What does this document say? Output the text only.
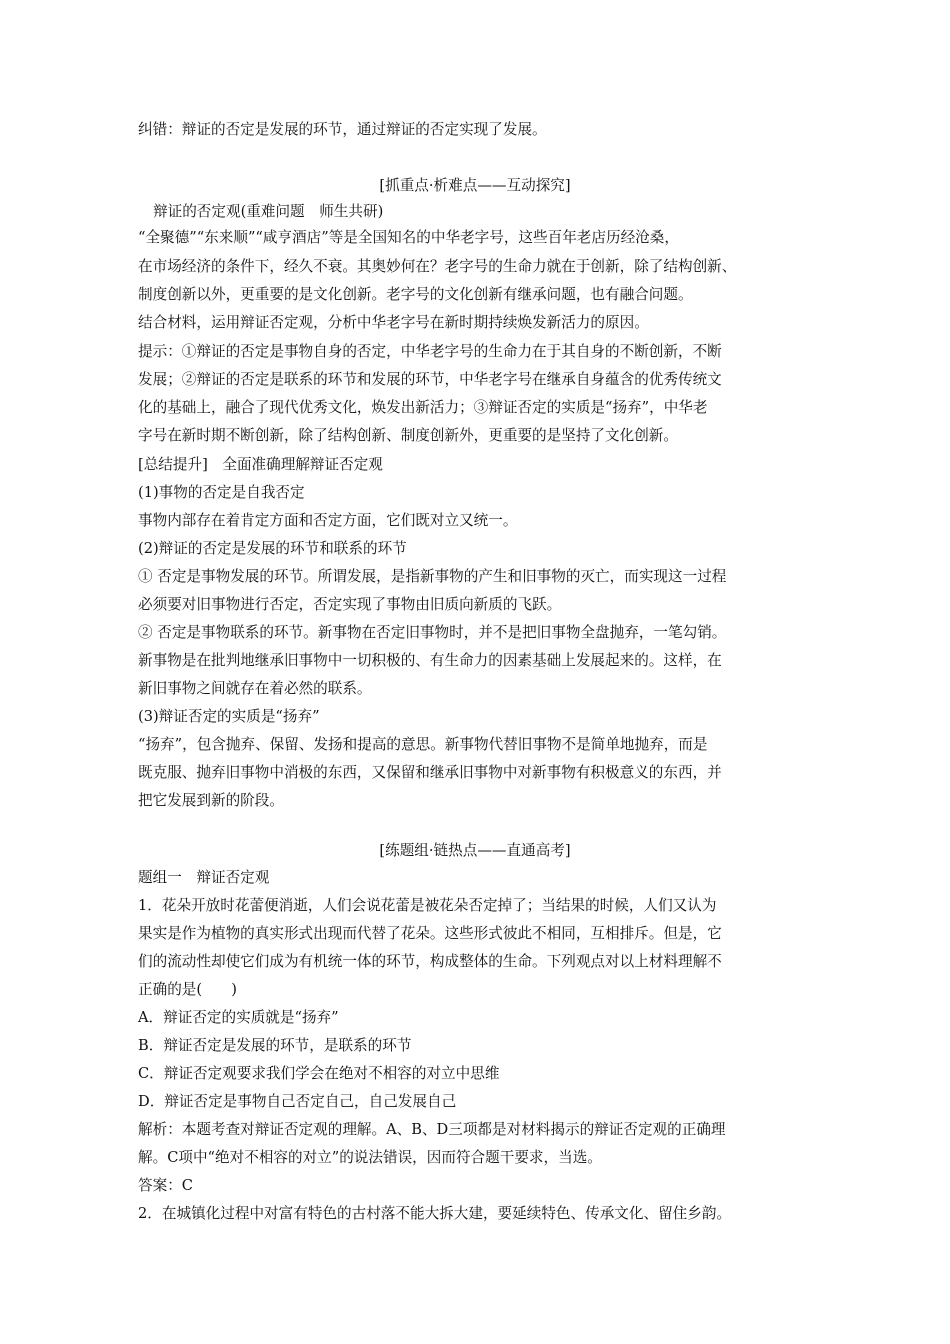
纠错：辩证的否定是发展的环节，通过辩证的否定实现了发展。
[抓重点·析难点——互动探究]
辩证的否定观(重难问题　师生共研)
“全聚德”“东来顺”“咸亨酒店”等是全国知名的中华老字号，这些百年老店历经沧桑，
在市场经济的条件下，经久不衰。其奥妙何在？老字号的生命力就在于创新，除了结构创新、
制度创新以外，更重要的是文化创新。老字号的文化创新有继承问题，也有融合问题。
结合材料，运用辩证否定观，分析中华老字号在新时期持续焕发新活力的原因。
提示：①辩证的否定是事物自身的否定，中华老字号的生命力在于其自身的不断创新，不断
发展；②辩证的否定是联系的环节和发展的环节，中华老字号在继承自身蕴含的优秀传统文
化的基础上，融合了现代优秀文化，焕发出新活力；③辩证否定的实质是“扬弃”，中华老
字号在新时期不断创新，除了结构创新、制度创新外，更重要的是坚持了文化创新。
[总结提升]　全面准确理解辩证否定观
(1)事物的否定是自我否定
事物内部存在着肯定方面和否定方面，它们既对立又统一。
(2)辩证的否定是发展的环节和联系的环节
① 否定是事物发展的环节。所谓发展，是指新事物的产生和旧事物的灭亡，而实现这一过程
必须要对旧事物进行否定，否定实现了事物由旧质向新质的飞跃。
② 否定是事物联系的环节。新事物在否定旧事物时，并不是把旧事物全盘抛弃，一笔勾销。
新事物是在批判地继承旧事物中一切积极的、有生命力的因素基础上发展起来的。这样，在
新旧事物之间就存在着必然的联系。
(3)辩证否定的实质是“扬弃”
“扬弃”，包含抛弃、保留、发扬和提高的意思。新事物代替旧事物不是简单地抛弃，而是
既克服、抛弃旧事物中消极的东西，又保留和继承旧事物中对新事物有积极意义的东西，并
把它发展到新的阶段。
[练题组·链热点——直通高考]
题组一　辩证否定观
1．花朵开放时花蕾便消逝，人们会说花蕾是被花朵否定掉了；当结果的时候，人们又认为
果实是作为植物的真实形式出现而代替了花朵。这些形式彼此不相同，互相排斥。但是，它
们的流动性却使它们成为有机统一体的环节，构成整体的生命。下列观点对以上材料理解不
正确的是(　　)
A．辩证否定的实质就是“扬弃”
B．辩证否定是发展的环节，是联系的环节
C．辩证否定观要求我们学会在绝对不相容的对立中思维
D．辩证否定是事物自己否定自己，自己发展自己
解析：本题考查对辩证否定观的理解。A、B、D三项都是对材料揭示的辩证否定观的正确理
解。C项中“绝对不相容的对立”的说法错误，因而符合题干要求，当选。
答案：C
2．在城镇化过程中对富有特色的古村落不能大拆大建，要延续特色、传承文化、留住乡韵。
